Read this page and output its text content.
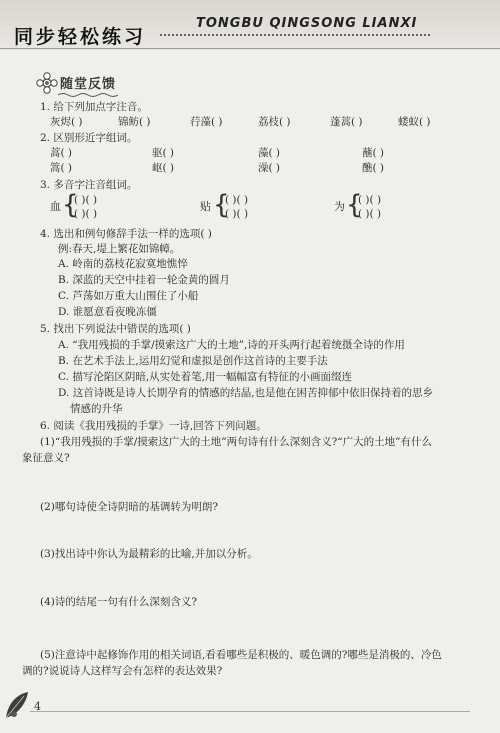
同步轻松练习
TONGBU QINGSONG LIANXI
随堂反馈
1. 给下列加点字注音。
灰烬( )	锦鲂( )	荇藻( )	荔枝( )	蓬蒿( )	蝼蚁( )
2. 区别形近字组词。
蒿( )	驱( )	藻( )	蘸( )
篙( )	岖( )	澡( )	醮( )
3. 多音字注音组词。
血 {
( )( )
( )( )
贴 {
( )( )
( )( )
为 {
( )( )
( )( )
4. 选出和例句修辞手法一样的选项( )
例:春天,堤上繁花如锦幛。
A. 岭南的荔枝花寂寞地憔悴
B. 深蓝的天空中挂着一轮金黄的圆月
C. 芦荡如万重大山围住了小船
D. 谁愿意看夜晚冻僵
5. 找出下列说法中错误的选项( )
A. “我用残损的手掌/摸索这广大的土地”,诗的开头两行起着统摄全诗的作用
B. 在艺术手法上,运用幻觉和虚拟是创作这首诗的主要手法
C. 描写沦陷区阴暗,从实处着笔,用一幅幅富有特征的小画面缀连
D. 这首诗既是诗人长期孕育的情感的结晶,也是他在困苦抑郁中依旧保持着的思乡
情感的升华
6. 阅读《我用残损的手掌》一诗,回答下列问题。
(1)“我用残损的手掌/摸索这广大的土地”两句诗有什么深刻含义?“广大的土地”有什么
象征意义?
(2)哪句诗使全诗阴暗的基调转为明朗?
(3)找出诗中你认为最精彩的比喻,并加以分析。
(4)诗的结尾一句有什么深刻含义?
(5)注意诗中起修饰作用的相关词语,看看哪些是积极的、暖色调的?哪些是消极的、冷色
调的?说说诗人这样写会有怎样的表达效果?
4
